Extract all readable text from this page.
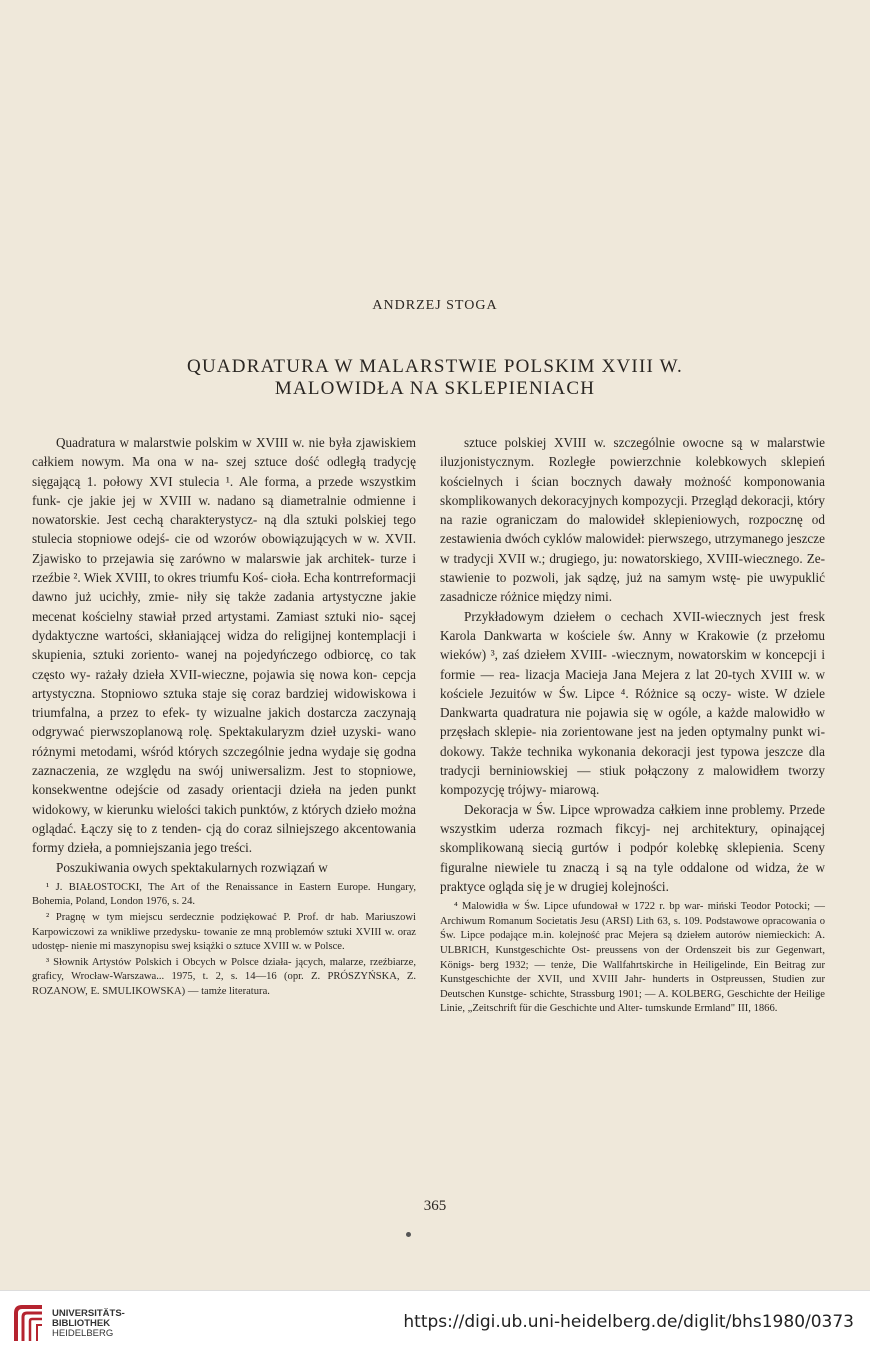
ANDRZEJ STOGA
QUADRATURA W MALARSTWIE POLSKIM XVIII W.
MALOWIDŁA NA SKLEPIENIACH

Quadratura w malarstwie polskim w XVIII w. nie była zjawiskiem całkiem nowym. Ma ona w na- szej sztuce dość odległą tradycję sięgającą 1. połowy XVI stulecia ¹. Ale forma, a przede wszystkim funk- cje jakie jej w XVIII w. nadano są diametralnie odmienne i nowatorskie. Jest cechą charakterystycz- ną dla sztuki polskiej tego stulecia stopniowe odejś- cie od wzorów obowiązujących w w. XVII. Zjawisko to przejawia się zarówno w malarswie jak architek- turze i rzeźbie ². Wiek XVIII, to okres triumfu Koś- cioła. Echa kontrreformacji dawno już ucichły, zmie- niły się także zadania artystyczne jakie mecenat kościelny stawiał przed artystami. Zamiast sztuki nio- sącej dydaktyczne wartości, skłaniającej widza do religijnej kontemplacji i skupienia, sztuki zoriento- wanej na pojedyńczego odbiorcę, co tak często wy- rażały dzieła XVII-wieczne, pojawia się nowa kon- cepcja artystyczna. Stopniowo sztuka staje się coraz bardziej widowiskowa i triumfalna, a przez to efek- ty wizualne jakich dostarcza zaczynają odgrywać pierwszoplanową rolę. Spektakularyzm dzieł uzyski- wano różnymi metodami, wśród których szczególnie jedna wydaje się godna zaznaczenia, ze względu na swój uniwersalizm. Jest to stopniowe, konsekwentne odejście od zasady orientacji dzieła na jeden punkt widokowy, w kierunku wielości takich punktów, z których dzieło można oglądać. Łączy się to z tenden- cją do coraz silniejszego akcentowania formy dzieła, a pomniejszania jego treści.

Poszukiwania owych spektakularnych rozwiązań w

¹ J. BIAŁOSTOCKI, The Art of the Renaissance in Eastern Europe. Hungary, Bohemia, Poland, London 1976, s. 24.

² Pragnę w tym miejscu serdecznie podziękować P. Prof. dr hab. Mariuszowi Karpowiczowi za wnikliwe przedysku- towanie ze mną problemów sztuki XVIII w. oraz udostęp- nienie mi maszynopisu swej książki o sztuce XVIII w. w Polsce.

³ Słownik Artystów Polskich i Obcych w Polsce działa- jących, malarze, rzeźbiarze, graficy, Wrocław-Warszawa... 1975, t. 2, s. 14—16 (opr. Z. PRÓSZYŃSKA, Z. ROZANOW, E. SMULIKOWSKA) — tamże literatura.

sztuce polskiej XVIII w. szczególnie owocne są w malarstwie iluzjonistycznym. Rozległe powierzchnie kolebkowych sklepień kościelnych i ścian bocznych dawały możność komponowania skomplikowanych dekoracyjnych kompozycji. Przegląd dekoracji, który na razie ograniczam do malowideł sklepieniowych, rozpocznę od zestawienia dwóch cyklów malowideł: pierwszego, utrzymanego jeszcze w tradycji XVII w.; drugiego, ju: nowatorskiego, XVIII-wiecznego. Ze- stawienie to pozwoli, jak sądzę, już na samym wstę- pie uwypuklić zasadnicze różnice między nimi.

Przykładowym dziełem o cechach XVII-wiecznych jest fresk Karola Dankwarta w kościele św. Anny w Krakowie (z przełomu wieków) ³, zaś dziełem XVIII- -wiecznym, nowatorskim w koncepcji i formie — rea- lizacja Macieja Jana Mejera z lat 20-tych XVIII w. w kościele Jezuitów w Św. Lipce ⁴. Różnice są oczy- wiste. W dziele Dankwarta quadratura nie pojawia się w ogóle, a każde malowidło w przęsłach sklepie- nia zorientowane jest na jeden optymalny punkt wi- dokowy. Także technika wykonania dekoracji jest typowa jeszcze dla tradycji berniniowskiej — stiuk połączony z malowidłem tworzy kompozycję trójwy- miarową.

Dekoracja w Św. Lipce wprowadza całkiem inne problemy. Przede wszystkim uderza rozmach fikcyj- nej architektury, opinającej skomplikowaną siecią gurtów i podpór kolebkę sklepienia. Sceny figuralne niewiele tu znaczą i są na tyle oddalone od widza, że w praktyce ogląda się je w drugiej kolejności.

⁴ Malowidła w Św. Lipce ufundował w 1722 r. bp war- miński Teodor Potocki; — Archiwum Romanum Societatis Jesu (ARSI) Lith 63, s. 109. Podstawowe opracowania o Św. Lipce podające m.in. kolejność prac Mejera są dziełem autorów niemieckich: A. ULBRICH, Kunstgeschichte Ost- preussens von der Ordenszeit bis zur Gegenwart, Königs- berg 1932; — tenże, Die Wallfahrtskirche in Heiligelinde, Ein Beitrag zur Kunstgeschichte der XVII, und XVIII Jahr- hunderts in Ostpreussen, Studien zur Deutschen Kunstge- schichte, Strassburg 1901; — A. KOLBERG, Geschichte der Heilige Linie, „Zeitschrift für die Geschichte und Alter- tumskunde Ermland" III, 1866.

365
UNIVERSITÄTS-
BIBLIOTHEK
HEIDELBERG
https://digi.ub.uni-heidelberg.de/diglit/bhs1980/0373
